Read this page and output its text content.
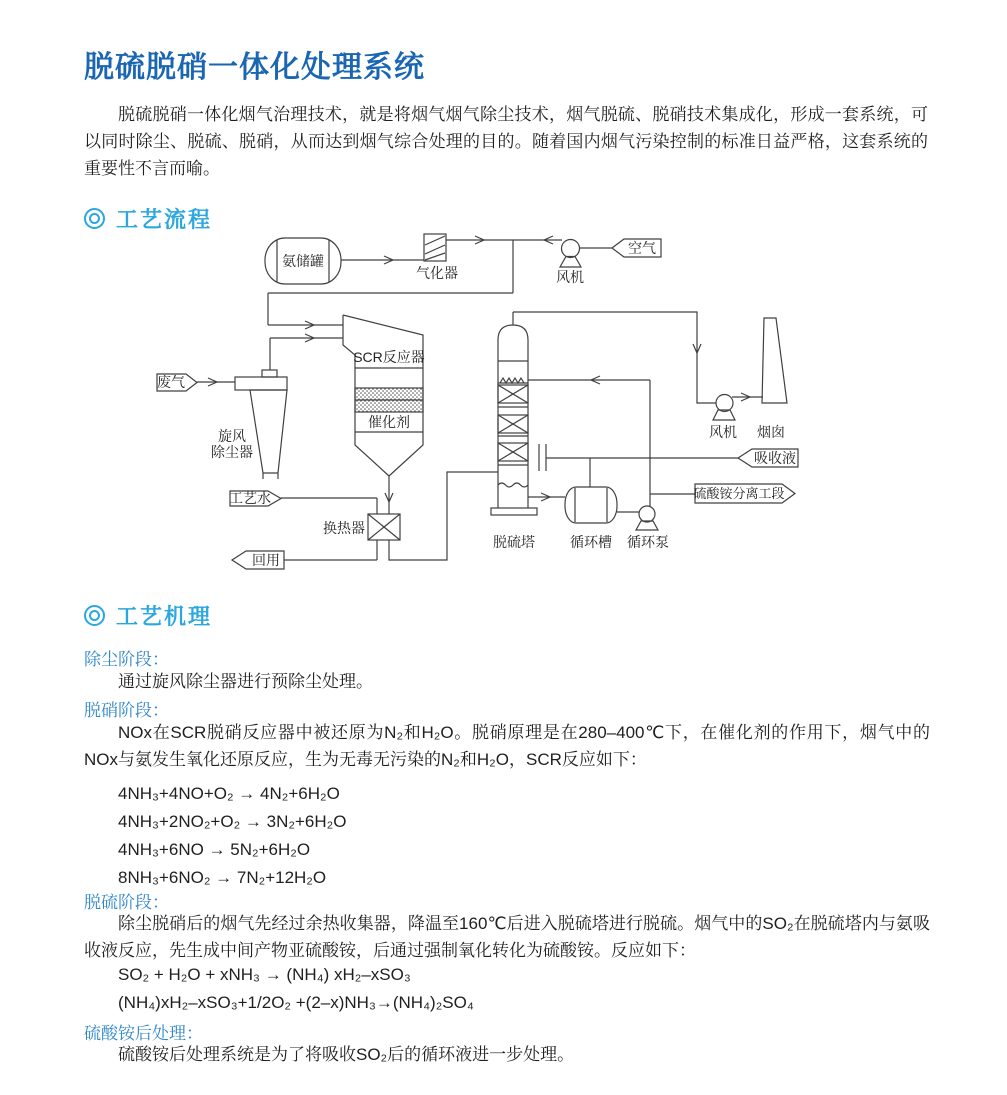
氨储罐
气化器	风机
空气
废气
旋风
除尘器
SCR反应器
催化剂
工艺水
换热器
回用
脱硫塔	循环槽 循环泵
风机 烟囱
吸收液
硫酸铵分离工段
脱硫脱硝一体化处理系统

脱硫脱硝一体化烟气治理技术，就是将烟气烟气除尘技术，烟气脱硫、脱硝技术集成化，形成一套系统，可以同时除尘、脱硫、脱硝，从而达到烟气综合处理的目的。随着国内烟气污染控制的标准日益严格，这套系统的重要性不言而喻。

工艺流程
工艺机理
除尘阶段：

通过旋风除尘器进行预除尘处理。

脱硝阶段：

NOx在SCR脱硝反应器中被还原为N₂和H₂O。脱硝原理是在280–400℃下，在催化剂的作用下，烟气中的NOx与氨发生氧化还原反应，生为无毒无污染的N₂和H₂O，SCR反应如下：

4NH₃+4NO+O₂ → 4N₂+6H₂O
4NH₃+2NO₂+O₂ → 3N₂+6H₂O
4NH₃+6NO → 5N₂+6H₂O
8NH₃+6NO₂ → 7N₂+12H₂O
脱硫阶段：

除尘脱硝后的烟气先经过余热收集器，降温至160℃后进入脱硫塔进行脱硫。烟气中的SO₂在脱硫塔内与氨吸收液反应，先生成中间产物亚硫酸铵，后通过强制氧化转化为硫酸铵。反应如下：

SO₂ + H₂O + xNH₃ → (NH₄) xH₂–xSO₃
(NH₄)xH₂–xSO₃+1/2O₂ +(2–x)NH₃→(NH₄)₂SO₄
硫酸铵后处理：

硫酸铵后处理系统是为了将吸收SO₂后的循环液进一步处理。
